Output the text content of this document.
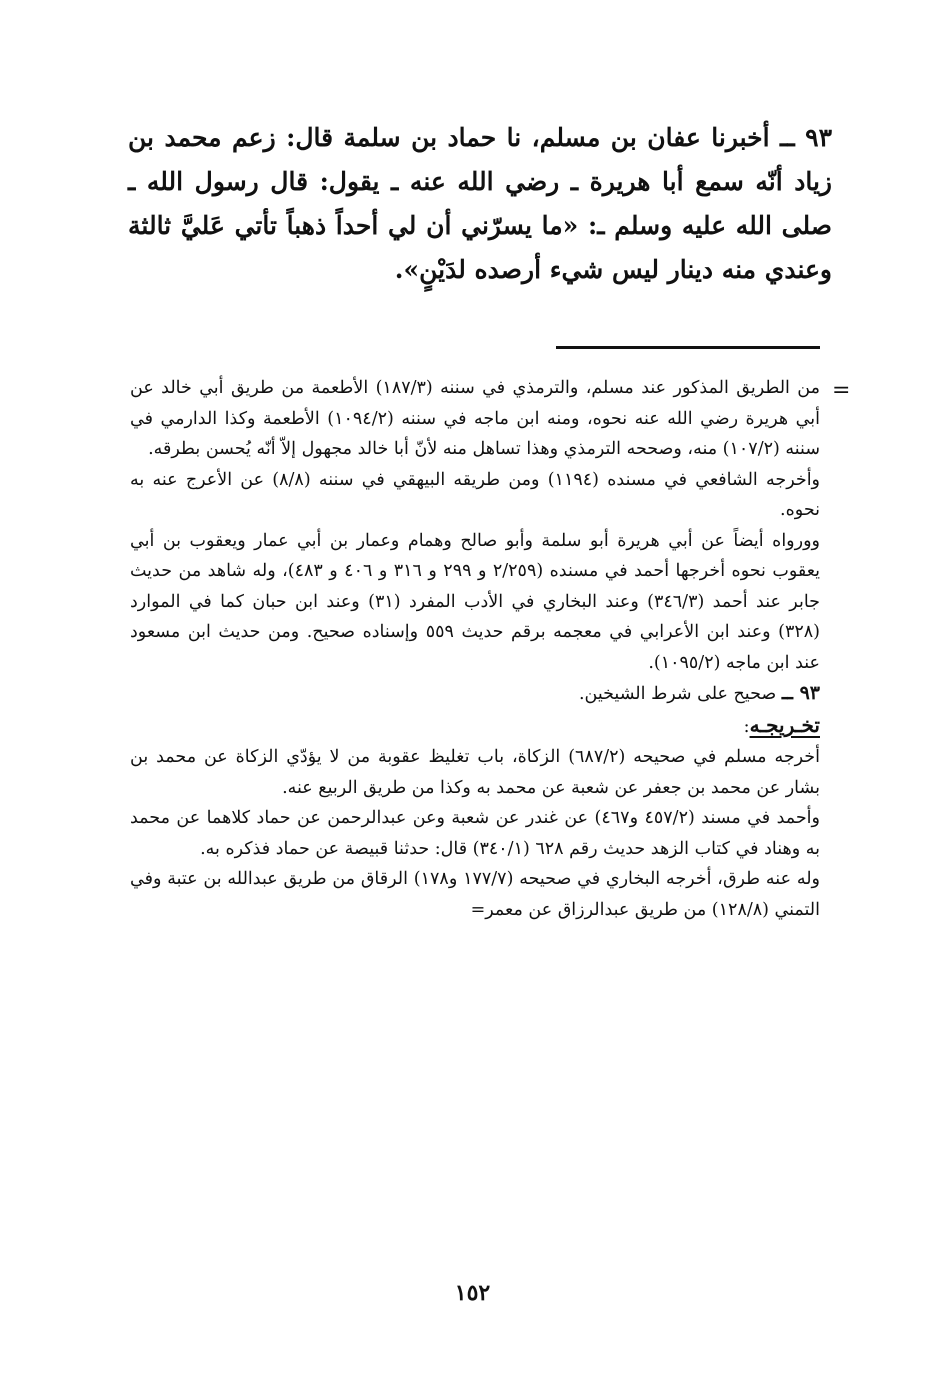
٩٣ ــ أخبرنا عفان بن مسلم، نا حماد بن سلمة قال: زعم محمد بن زياد أنّه سمع أبا هريرة ـ رضي الله عنه ـ يقول: قال رسول الله ـ صلى الله عليه وسلم ـ: «ما يسرّني أن لي أحداً ذهباً تأتي عَليَّ ثالثة وعندي منه دينار ليس شيء أرصده لدَيْنٍ».
=

من الطريق المذكور عند مسلم، والترمذي في سننه (١٨٧/٣) الأطعمة من طريق أبي خالد عن أبي هريرة رضي الله عنه نحوه، ومنه ابن ماجه في سننه (١٠٩٤/٢) الأطعمة وكذا الدارمي في سننه (١٠٧/٢) منه، وصححه الترمذي وهذا تساهل منه لأنّ أبا خالد مجهول إلاّ أنّه يُحسن بطرقه.

وأخرجه الشافعي في مسنده (١١٩٤) ومن طريقه البيهقي في سننه (٨/٨) عن الأعرج عنه به نحوه.

وورواه أيضاً عن أبي هريرة أبو سلمة وأبو صالح وهمام وعمار بن أبي عمار ويعقوب بن أبي يعقوب نحوه أخرجها أحمد في مسنده (٢/٢٥٩ و ٢٩٩ و ٣١٦ و ٤٠٦ و ٤٨٣)، وله شاهد من حديث جابر عند أحمد (٣٤٦/٣) وعند البخاري في الأدب المفرد (٣١) وعند ابن حبان كما في الموارد (٣٢٨) وعند ابن الأعرابي في معجمه برقم حديث ٥٥٩ وإسناده صحيح. ومن حديث ابن مسعود عند ابن ماجه (١٠٩٥/٢).

٩٣ ــ صحيح على شرط الشيخين.

تخـريجـه:

أخرجه مسلم في صحيحه (٦٨٧/٢) الزكاة، باب تغليظ عقوبة من لا يؤدّي الزكاة عن محمد بن بشار عن محمد بن جعفر عن شعبة عن محمد به وكذا من طريق الربيع عنه.

وأحمد في مسند (٤٥٧/٢ و٤٦٧) عن غندر عن شعبة وعن عبدالرحمن عن حماد كلاهما عن محمد به وهناد في كتاب الزهد حديث رقم ٦٢٨ (٣٤٠/١) قال: حدثنا قبيصة عن حماد فذكره به.

وله عنه طرق، أخرجه البخاري في صحيحه (١٧٧/٧ و١٧٨) الرقاق من طريق عبدالله بن عتبة وفي التمني (١٢٨/٨) من طريق عبدالرزاق عن معمر=

١٥٢
